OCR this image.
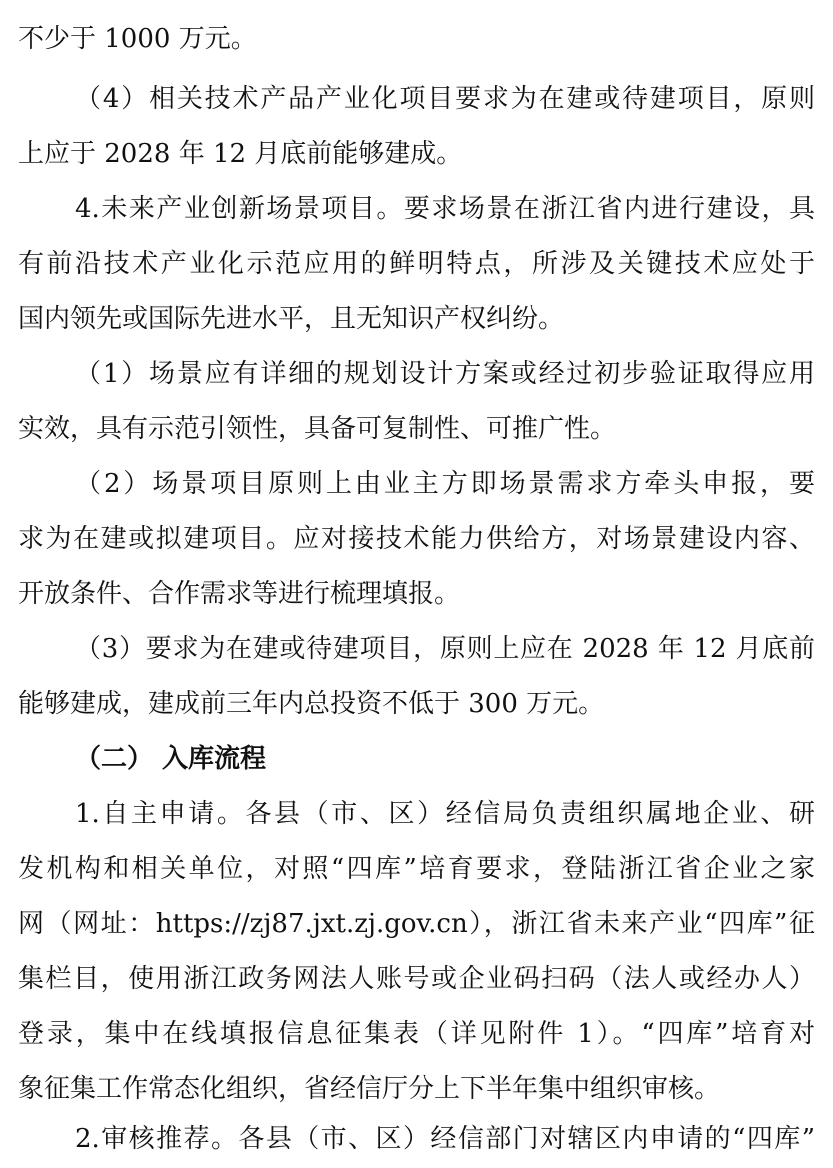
不少于 1000 万元。
（4）相关技术产品产业化项目要求为在建或待建项目，原则
上应于 2028 年 12 月底前能够建成。
4.未来产业创新场景项目。要求场景在浙江省内进行建设，具
有前沿技术产业化示范应用的鲜明特点，所涉及关键技术应处于
国内领先或国际先进水平，且无知识产权纠纷。
（1）场景应有详细的规划设计方案或经过初步验证取得应用
实效，具有示范引领性，具备可复制性、可推广性。
（2）场景项目原则上由业主方即场景需求方牵头申报，要
求为在建或拟建项目。应对接技术能力供给方，对场景建设内容、
开放条件、合作需求等进行梳理填报。
（3）要求为在建或待建项目，原则上应在 2028 年 12 月底前
能够建成，建成前三年内总投资不低于 300 万元。
（二） 入库流程
1.自主申请。各县（市、区）经信局负责组织属地企业、研
发机构和相关单位，对照“四库”培育要求，登陆浙江省企业之家
网（网址：https://zj87.jxt.zj.gov.cn），浙江省未来产业“四库”征
集栏目，使用浙江政务网法人账号或企业码扫码（法人或经办人）
登录，集中在线填报信息征集表（详见附件 1）。“四库”培育对
象征集工作常态化组织，省经信厅分上下半年集中组织审核。
2.审核推荐。各县（市、区）经信部门对辖区内申请的“四库”
